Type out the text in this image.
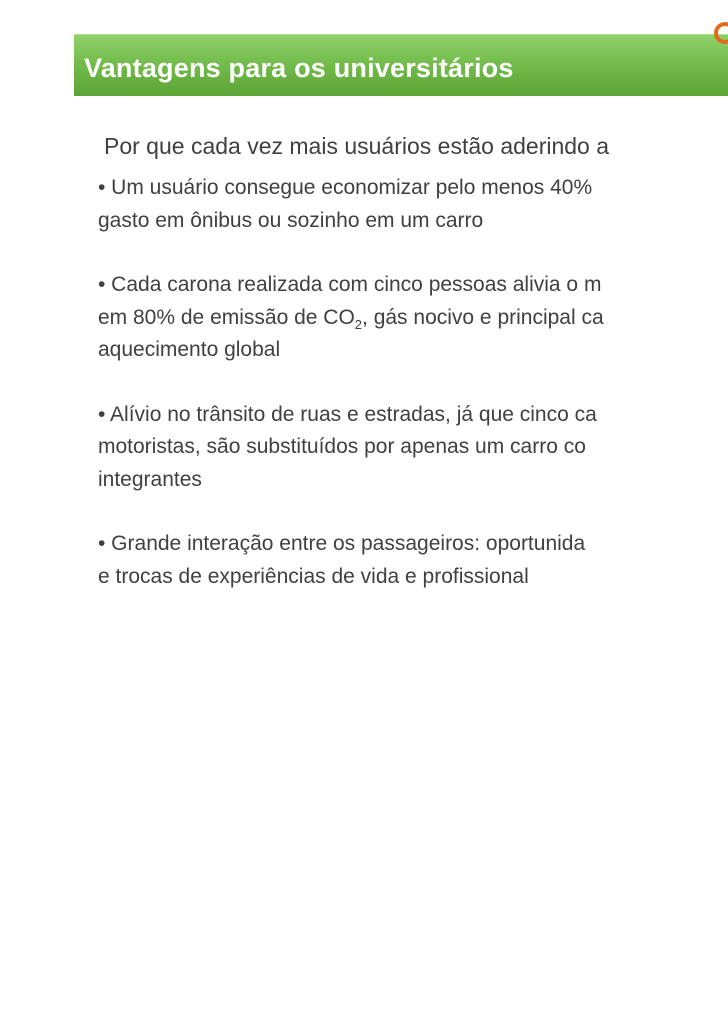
Vantagens para os universitários
Por que cada vez mais usuários estão aderindo a
• Um usuário consegue economizar pelo menos 40%
gasto em ônibus ou sozinho em um carro
• Cada carona realizada com cinco pessoas alivia o m
em 80% de emissão de $CO_2$, gás nocivo e principal ca
aquecimento global
• Alívio no trânsito de ruas e estradas, já que cinco ca
motoristas, são substituídos por apenas um carro co
integrantes
• Grande interação entre os passageiros: oportunida
e trocas de experiências de vida e profissional
